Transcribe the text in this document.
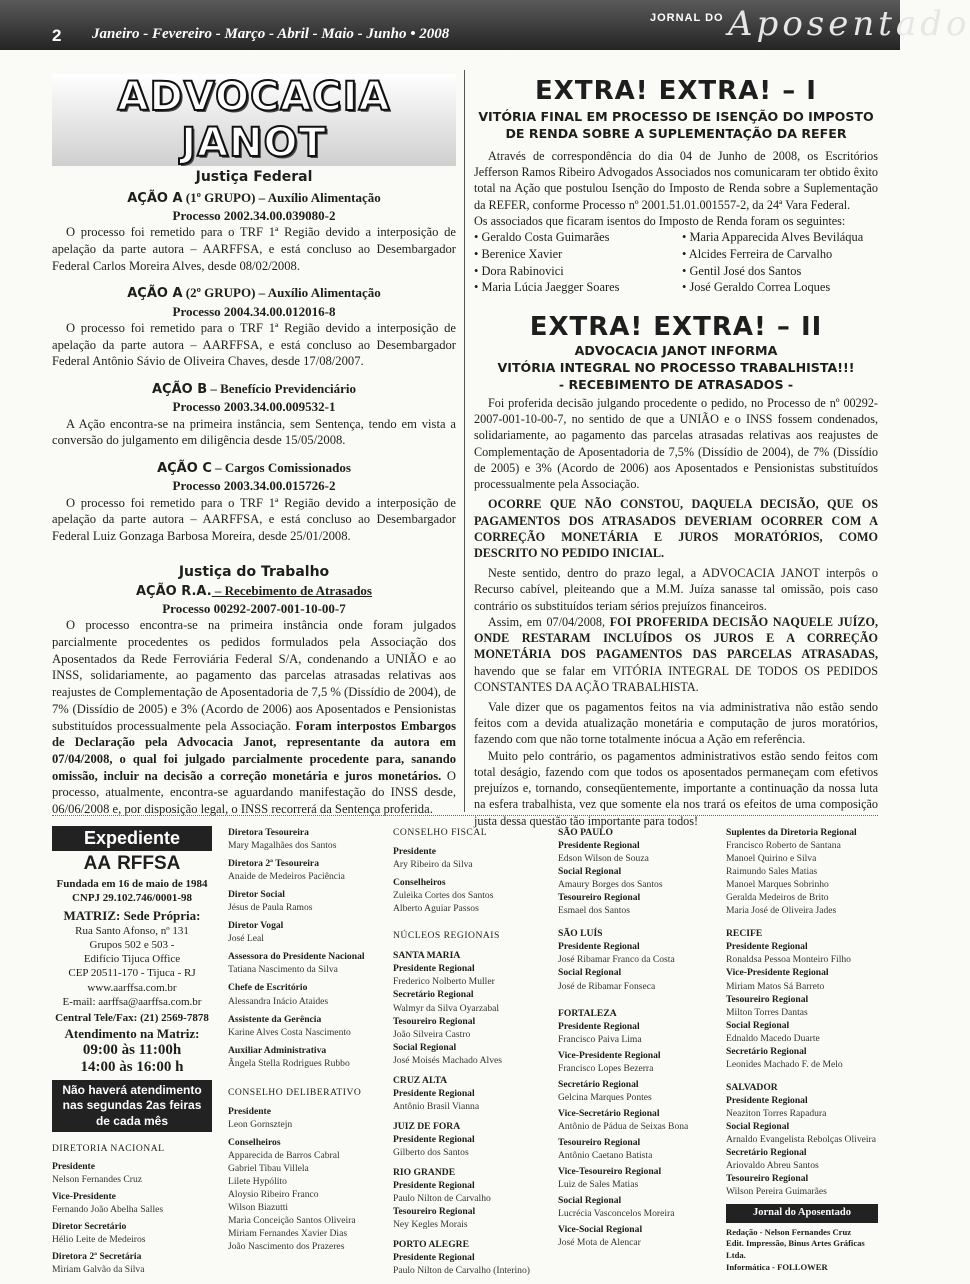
2 Janeiro - Fevereiro - Março - Abril - Maio - Junho • 2008
JORNAL DO Aposentado
ADVOCACIA JANOT
Justiça Federal
AÇÃO A (1º GRUPO) – Auxílio Alimentação
Processo 2002.34.00.039080-2
O processo foi remetido para o TRF 1ª Região devido a interposição de apelação da parte autora – AARFFSA, e está concluso ao Desembargador Federal Carlos Moreira Alves, desde 08/02/2008.
AÇÃO A (2º GRUPO) – Auxílio Alimentação
Processo 2004.34.00.012016-8
O processo foi remetido para o TRF 1ª Região devido a interposição de apelação da parte autora – AARFFSA, e está concluso ao Desembargador Federal Antônio Sávio de Oliveira Chaves, desde 17/08/2007.
AÇÃO B – Benefício Previdenciário
Processo 2003.34.00.009532-1
A Ação encontra-se na primeira instância, sem Sentença, tendo em vista a conversão do julgamento em diligência desde 15/05/2008.
AÇÃO C – Cargos Comissionados
Processo 2003.34.00.015726-2
O processo foi remetido para o TRF 1ª Região devido a interposição de apelação da parte autora – AARFFSA, e está concluso ao Desembargador Federal Luiz Gonzaga Barbosa Moreira, desde 25/01/2008.
Justiça do Trabalho
AÇÃO R.A. – Recebimento de Atrasados
Processo 00292-2007-001-10-00-7
O processo encontra-se na primeira instância onde foram julgados parcialmente procedentes os pedidos formulados pela Associação dos Aposentados da Rede Ferroviária Federal S/A, condenando a UNIÃO e ao INSS, solidariamente, ao pagamento das parcelas atrasadas relativas aos reajustes de Complementação de Aposentadoria de 7,5 % (Dissídio de 2004), de 7% (Dissídio de 2005) e 3% (Acordo de 2006) aos Aposentados e Pensionistas substituídos processualmente pela Associação. Foram interpostos Embargos de Declaração pela Advocacia Janot, representante da autora em 07/04/2008, o qual foi julgado parcialmente procedente para, sanando omissão, incluir na decisão a correção monetária e juros monetários. O processo, atualmente, encontra-se aguardando manifestação do INSS desde, 06/06/2008 e, por disposição legal, o INSS recorrerá da Sentença proferida.
EXTRA! EXTRA! – I
VITÓRIA FINAL EM PROCESSO DE ISENÇÃO DO IMPOSTO DE RENDA SOBRE A SUPLEMENTAÇÃO DA REFER
Através de correspondência do dia 04 de Junho de 2008, os Escritórios Jefferson Ramos Ribeiro Advogados Associados nos comunicaram ter obtido êxito total na Ação que postulou Isenção do Imposto de Renda sobre a Suplementação da REFER, conforme Processo nº 2001.51.01.001557-2, da 24ª Vara Federal.
Os associados que ficaram isentos do Imposto de Renda foram os seguintes:
• Geraldo Costa Guimarães
• Berenice Xavier
• Dora Rabinovici
• Maria Lúcia Jaegger Soares
• Maria Apparecida Alves Beviláqua
• Alcides Ferreira de Carvalho
• Gentil José dos Santos
• José Geraldo Correa Loques
EXTRA! EXTRA! – II
ADVOCACIA JANOT INFORMA
VITÓRIA INTEGRAL NO PROCESSO TRABALHISTA!!!
- RECEBIMENTO DE ATRASADOS -
Foi proferida decisão julgando procedente o pedido, no Processo de nº 00292-2007-001-10-00-7, no sentido de que a UNIÃO e o INSS fossem condenados, solidariamente, ao pagamento das parcelas atrasadas relativas aos reajustes de Complementação de Aposentadoria de 7,5% (Dissídio de 2004), de 7% (Dissídio de 2005) e 3% (Acordo de 2006) aos Aposentados e Pensionistas substituídos processualmente pela Associação.
OCORRE QUE NÃO CONSTOU, DAQUELA DECISÃO, QUE OS PAGAMENTOS DOS ATRASADOS DEVERIAM OCORRER COM A CORREÇÃO MONETÁRIA E JUROS MORATÓRIOS, COMO DESCRITO NO PEDIDO INICIAL.
Neste sentido, dentro do prazo legal, a ADVOCACIA JANOT interpôs o Recurso cabível, pleiteando que a M.M. Juíza sanasse tal omissão, pois caso contrário os substituídos teriam sérios prejuízos financeiros.
Assim, em 07/04/2008, FOI PROFERIDA DECISÃO NAQUELE JUÍZO, ONDE RESTARAM INCLUÍDOS OS JUROS E A CORREÇÃO MONETÁRIA DOS PAGAMENTOS DAS PARCELAS ATRASADAS, havendo que se falar em VITÓRIA INTEGRAL DE TODOS OS PEDIDOS CONSTANTES DA AÇÃO TRABALHISTA.
Vale dizer que os pagamentos feitos na via administrativa não estão sendo feitos com a devida atualização monetária e computação de juros moratórios, fazendo com que não torne totalmente inócua a Ação em referência.
Muito pelo contrário, os pagamentos administrativos estão sendo feitos com total deságio, fazendo com que todos os aposentados permaneçam com efetivos prejuízos e, tornando, conseqüentemente, importante a continuação da nossa luta na esfera trabalhista, vez que somente ela nos trará os efeitos de uma composição justa dessa questão tão importante para todos!
Expediente
AA RFFSA
Fundada em 16 de maio de 1984
CNPJ 29.102.746/0001-98
MATRIZ: Sede Própria:
Rua Santo Afonso, nº 131
Grupos 502 e 503 -
Edifício Tijuca Office
CEP 20511-170 - Tijuca - RJ
www.aarffsa.com.br
E-mail: aarffsa@aarffsa.com.br
Central Tele/Fax: (21) 2569-7878
Atendimento na Matriz:
09:00 às 11:00h
14:00 às 16:00 h
Não haverá atendimento nas segundas 2as feiras de cada mês
DIRETORIA NACIONAL
Presidente
Nelson Fernandes Cruz
Vice-Presidente
Fernando João Abelha Salles
Diretor Secretário
Hélio Leite de Medeiros
Diretora 2ª Secretária
Miriam Galvão da Silva
Diretora Tesoureira
Mary Magalhães dos Santos
Diretora 2ª Tesoureira
Anaide de Medeiros Paciência
Diretor Social
Jésus de Paula Ramos
Diretor Vogal
José Leal
Assessora do Presidente Nacional
Tatiana Nascimento da Silva
Chefe de Escritório
Alessandra Inácio Ataides
Assistente da Gerência
Karine Alves Costa Nascimento
Auxiliar Administrativa
Ângela Stella Rodrigues Rubbo
CONSELHO DELIBERATIVO
Presidente
Leon Gornsztejn
Conselheiros
Apparecida de Barros Cabral
Gabriel Tibau Villela
Lilete Hypólito
Aloysio Ribeiro Franco
Wilson Biazutti
Maria Conceição Santos Oliveira
Miriam Fernandes Xavier Dias
João Nascimento dos Prazeres
CONSELHO FISCAL
Presidente
Ary Ribeiro da Silva
Conselheiros
Zuleika Cortes dos Santos
Alberto Aguiar Passos
NÚCLEOS REGIONAIS
SANTA MARIA
Presidente Regional
Frederico Nolberto Muller
Secretário Regional
Walmyr da Silva Oyarzabal
Tesoureiro Regional
João Silveira Castro
Social Regional
José Moisés Machado Alves
CRUZ ALTA
Presidente Regional
Antônio Brasil Vianna
JUIZ DE FORA
Presidente Regional
Gilberto dos Santos
RIO GRANDE
Presidente Regional
Paulo Nilton de Carvalho
Tesoureiro Regional
Ney Kegles Morais
PORTO ALEGRE
Presidente Regional
Paulo Nilton de Carvalho (Interino)
SÃO PAULO
Presidente Regional
Edson Wilson de Souza
Social Regional
Amaury Borges dos Santos
Tesoureiro Regional
Esmael dos Santos
SÃO LUÍS
Presidente Regional
José Ribamar Franco da Costa
Social Regional
José de Ribamar Fonseca
FORTALEZA
Presidente Regional
Francisco Paiva Lima
Vice-Presidente Regional
Francisco Lopes Bezerra
Secretário Regional
Gelcina Marques Pontes
Vice-Secretário Regional
Antônio de Pádua de Seixas Bona
Tesoureiro Regional
Antônio Caetano Batista
Vice-Tesoureiro Regional
Luiz de Sales Matias
Social Regional
Lucrécia Vasconcelos Moreira
Vice-Social Regional
José Mota de Alencar
Suplentes da Diretoria Regional
Francisco Roberto de Santana
Manoel Quirino e Silva
Raimundo Sales Matias
Manoel Marques Sobrinho
Geralda Medeiros de Brito
Maria José de Oliveira Jades
RECIFE
Presidente Regional
Ronaldsa Pessoa Monteiro Filho
Vice-Presidente Regional
Miriam Matos Sá Barreto
Tesoureiro Regional
Milton Torres Dantas
Social Regional
Ednaldo Macedo Duarte
Secretário Regional
Leonides Machado F. de Melo
SALVADOR
Presidente Regional
Neaziton Torres Rapadura
Social Regional
Arnaldo Evangelista Rebolças Oliveira
Secretário Regional
Ariovaldo Abreu Santos
Tesoureiro Regional
Wilson Pereira Guimarães
Jornal do Aposentado
Redação - Nelson Fernandes Cruz
Edit. Impressão, Binus Artes Gráficas Ltda.
Informática - FOLLOWER
